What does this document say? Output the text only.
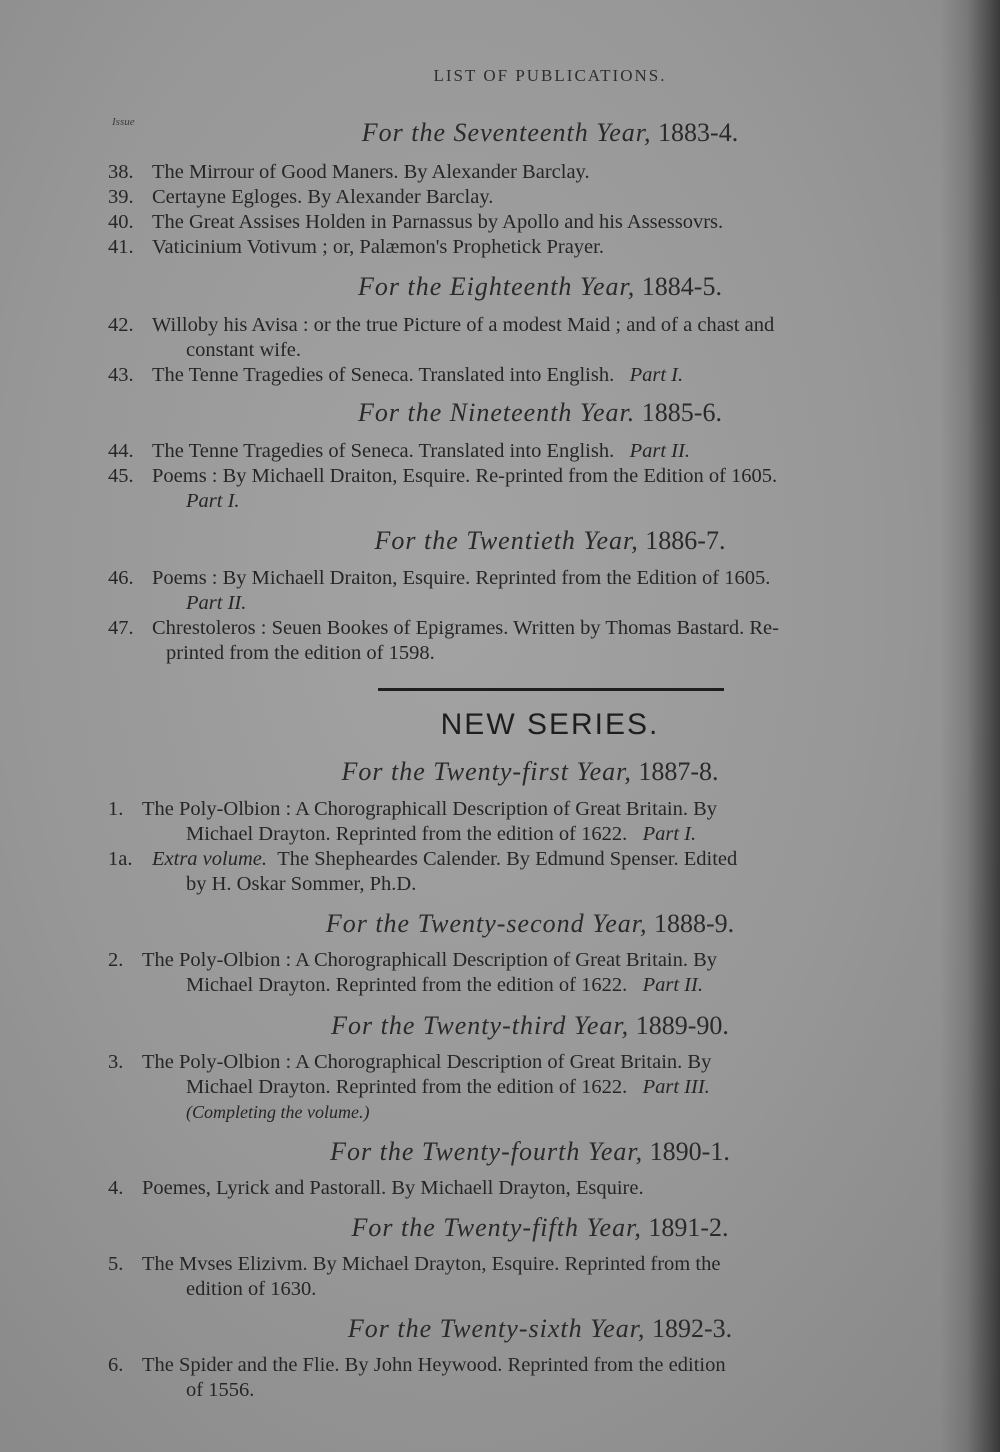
LIST OF PUBLICATIONS.
Issue	For the Seventeenth Year, 1883-4.
38. The Mirrour of Good Maners. By Alexander Barclay.
39. Certayne Egloges. By Alexander Barclay.
40. The Great Assises Holden in Parnassus by Apollo and his Assessovrs.
41. Vaticinium Votivum ; or, Palæmon's Prophetick Prayer.
For the Eighteenth Year, 1884-5.
42. Willoby his Avisa : or the true Picture of a modest Maid ; and of a chast and
constant wife.
43. The Tenne Tragedies of Seneca. Translated into English. Part I.
For the Nineteenth Year. 1885-6.
44. The Tenne Tragedies of Seneca. Translated into English. Part II.
45. Poems : By Michaell Draiton, Esquire. Re-printed from the Edition of 1605.
Part I.
For the Twentieth Year, 1886-7.
46. Poems : By Michaell Draiton, Esquire. Reprinted from the Edition of 1605.
Part II.
47. Chrestoleros : Seuen Bookes of Epigrames. Written by Thomas Bastard. Re-
printed from the edition of 1598.
NEW SERIES.
For the Twenty-first Year, 1887-8.
1. The Poly-Olbion : A Chorographicall Description of Great Britain. By
Michael Drayton. Reprinted from the edition of 1622. Part I.
1a. Extra volume. The Shepheardes Calender. By Edmund Spenser. Edited
by H. Oskar Sommer, Ph.D.
For the Twenty-second Year, 1888-9.
2. The Poly-Olbion : A Chorographicall Description of Great Britain. By
Michael Drayton. Reprinted from the edition of 1622. Part II.
For the Twenty-third Year, 1889-90.
3. The Poly-Olbion : A Chorographical Description of Great Britain. By
Michael Drayton. Reprinted from the edition of 1622. Part III.
(Completing the volume.)
For the Twenty-fourth Year, 1890-1.
4. Poemes, Lyrick and Pastorall. By Michaell Drayton, Esquire.
For the Twenty-fifth Year, 1891-2.
5. The Mvses Elizivm. By Michael Drayton, Esquire. Reprinted from the
edition of 1630.
For the Twenty-sixth Year, 1892-3.
6. The Spider and the Flie. By John Heywood. Reprinted from the edition
of 1556.
